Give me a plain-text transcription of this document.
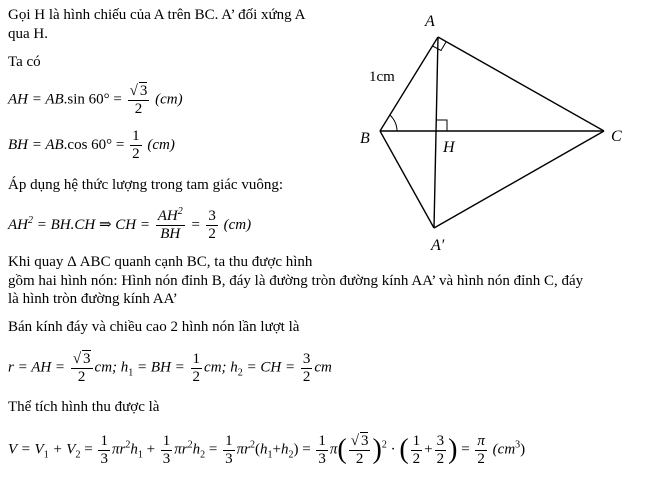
Gọi H là hình chiếu của A trên BC. A’ đối xứng A
qua H.
Ta có
AH = AB.sin $60^\circ = \frac{√ 3}{2} (cm)$
BH = AB.cos $60^\circ = \frac{1}{2} (cm)$
Áp dụng hệ thức lượng trong tam giác vuông:
$AH^2 = BH.CH$ ⇒ CH = $\frac{AH^2}{BH} = \frac{3}{2} (cm)$
Khi quay Δ ABC quanh cạnh BC, ta thu được hình
gồm hai hình nón: Hình nón đỉnh B, đáy là đường tròn đường kính AA’ và hình nón đỉnh C, đáy
là hình tròn đường kính AA’
Bán kính đáy và chiều cao 2 hình nón lần lượt là
r = AH = $\frac{√ 3}{2}$ cm; $h_1$ = BH = $\frac{1}{2}$ cm; $h_2$ = CH = $\frac{3}{2}$ cm
Thể tích hình thu được là
$V = V_1 + V_2 = \frac{1}{3} \pi r^2h_1 + \frac{1}{3} \pi r^2h_2 = \frac{1}{3} \pi r^2(h_1+h_2) = \frac{1}{3} \pi( \frac{√ 3}{2} )^2$ · ( $\frac{1}{2} + \frac{3}{2}$ ) = $\frac{\pi}{2} (cm^3)$
A
B	C
H
A′
1cm
